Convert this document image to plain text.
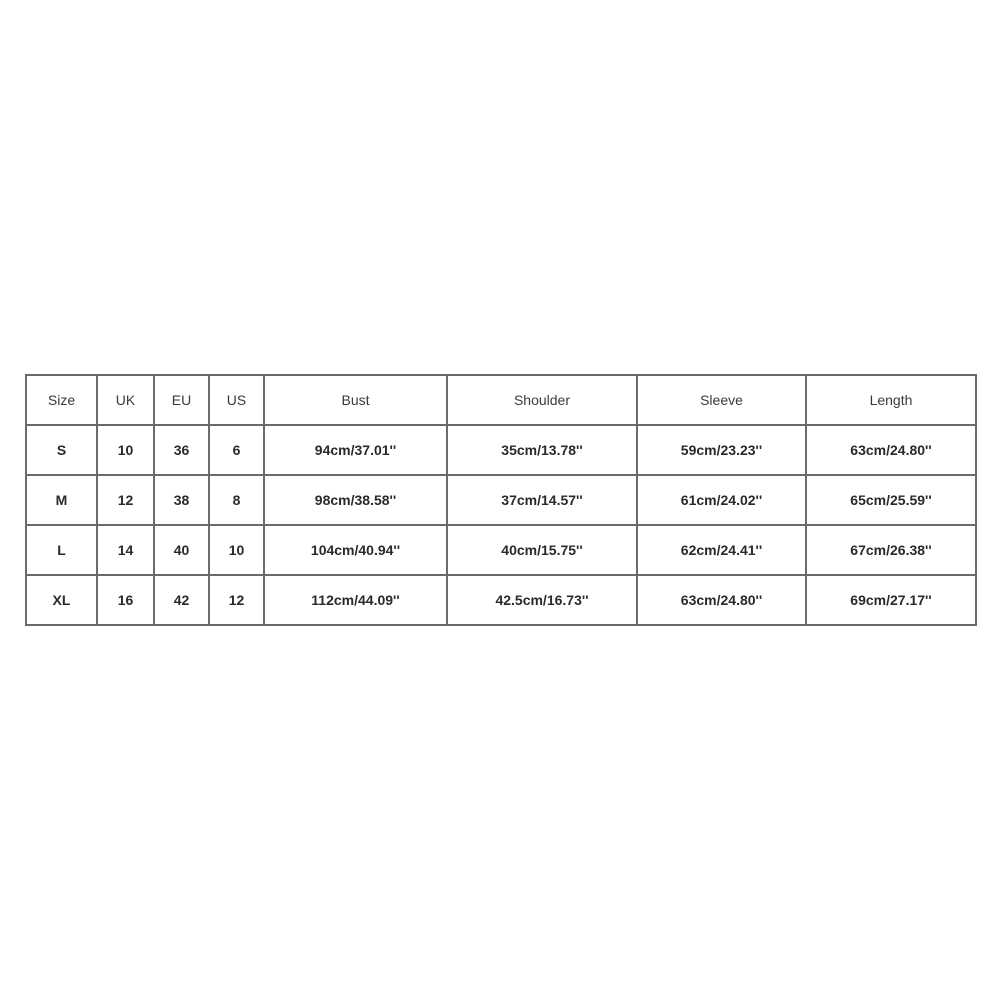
Size	UK	EU	US	Bust	Shoulder	Sleeve	Length
S	10	36	6	94cm/37.01''	35cm/13.78''	59cm/23.23''	63cm/24.80''
M	12	38	8	98cm/38.58''	37cm/14.57''	61cm/24.02''	65cm/25.59''
L	14	40	10	104cm/40.94''	40cm/15.75''	62cm/24.41''	67cm/26.38''
XL	16	42	12	112cm/44.09''	42.5cm/16.73''	63cm/24.80''	69cm/27.17''
